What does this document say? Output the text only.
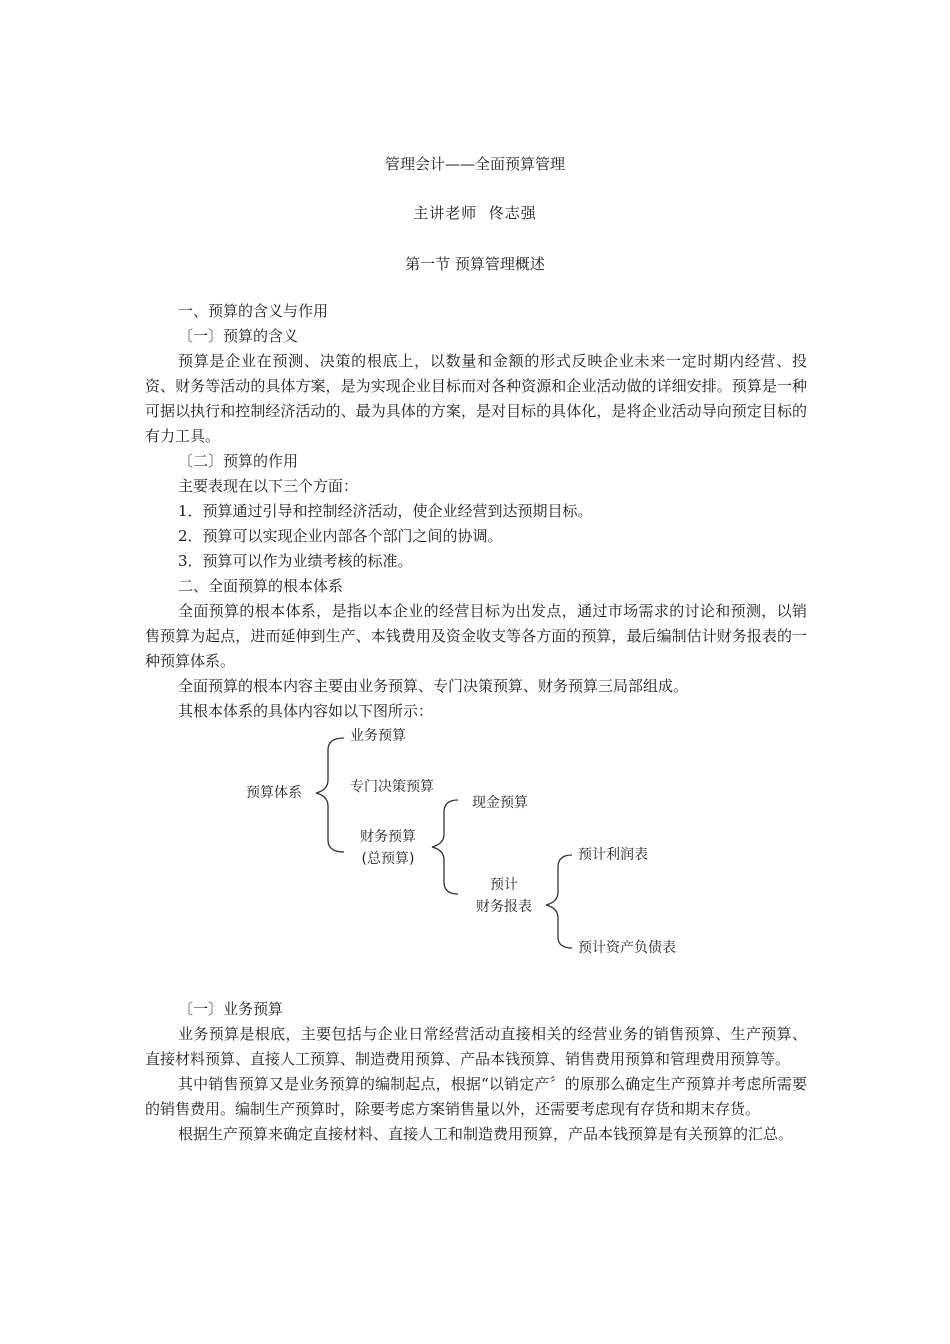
管理会计——全面预算管理
主讲老师  佟志强
第一节 预算管理概述

一、预算的含义与作用

〔一〕预算的含义

预算是企业在预测、决策的根底上，以数量和金额的形式反映企业未来一定时期内经营、投资、财务等活动的具体方案，是为实现企业目标而对各种资源和企业活动做的详细安排。预算是一种可据以执行和控制经济活动的、最为具体的方案，是对目标的具体化，是将企业活动导向预定目标的有力工具。

〔二〕预算的作用

主要表现在以下三个方面：

1．预算通过引导和控制经济活动，使企业经营到达预期目标。

2．预算可以实现企业内部各个部门之间的协调。

3．预算可以作为业绩考核的标准。

二、全面预算的根本体系

全面预算的根本体系，是指以本企业的经营目标为出发点，通过市场需求的讨论和预测，以销售预算为起点，进而延伸到生产、本钱费用及资金收支等各方面的预算，最后编制估计财务报表的一种预算体系。

全面预算的根本内容主要由业务预算、专门决策预算、财务预算三局部组成。

其根本体系的具体内容如以下图所示：

预算体系
业务预算
专门决策预算
财务预算
(总预算)
现金预算
预计
财务报表
预计利润表
预计资产负债表

〔一〕业务预算

业务预算是根底，主要包括与企业日常经营活动直接相关的经营业务的销售预算、生产预算、直接材料预算、直接人工预算、制造费用预算、产品本钱预算、销售费用预算和管理费用预算等。

其中销售预算又是业务预算的编制起点，根据“以销定产〞的原那么确定生产预算并考虑所需要的销售费用。编制生产预算时，除要考虑方案销售量以外，还需要考虑现有存货和期末存货。

根据生产预算来确定直接材料、直接人工和制造费用预算，产品本钱预算是有关预算的汇总。
